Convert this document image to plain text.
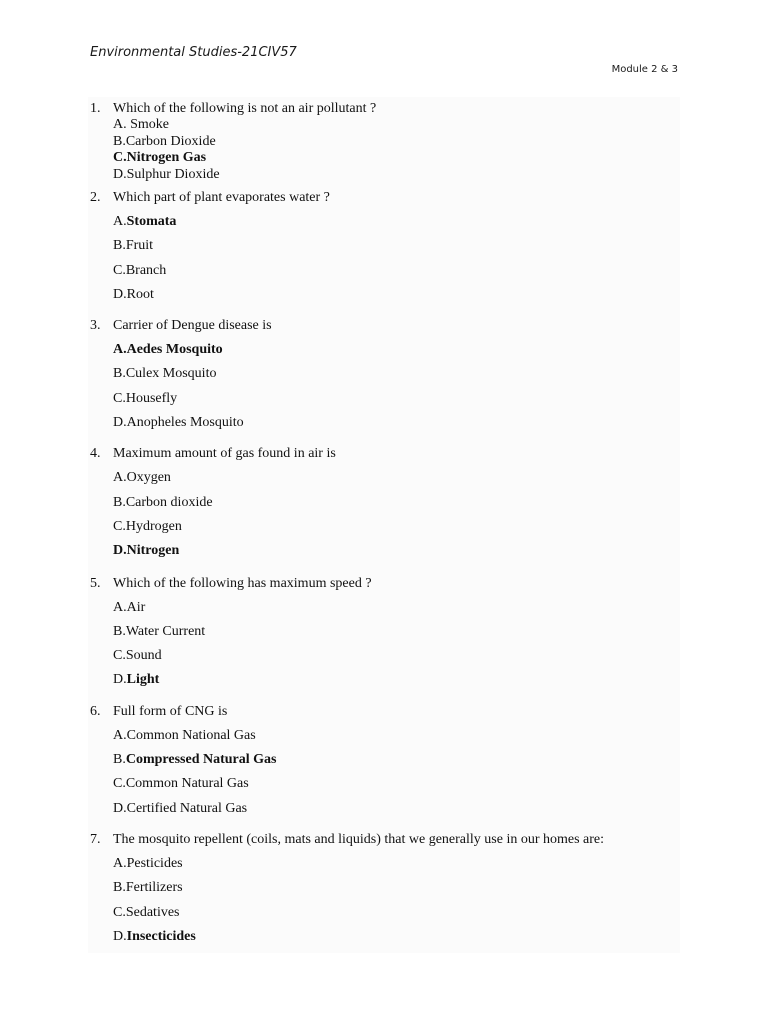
Environmental Studies-21CIV57
Module 2 & 3
1. Which of the following is not an air pollutant ?
A. Smoke
B.Carbon Dioxide
C.Nitrogen Gas
D.Sulphur Dioxide
2. Which part of plant evaporates water ?
A.Stomata
B.Fruit
C.Branch
D.Root
3. Carrier of Dengue disease is
A.Aedes Mosquito
B.Culex Mosquito
C.Housefly
D.Anopheles Mosquito
4. Maximum amount of gas found in air is
A.Oxygen
B.Carbon dioxide
C.Hydrogen
D.Nitrogen
5. Which of the following has maximum speed ?
A.Air
B.Water Current
C.Sound
D.Light
6. Full form of CNG is
A.Common National Gas
B.Compressed Natural Gas
C.Common Natural Gas
D.Certified Natural Gas
7. The mosquito repellent (coils, mats and liquids) that we generally use in our homes are:
A.Pesticides
B.Fertilizers
C.Sedatives
D.Insecticides
